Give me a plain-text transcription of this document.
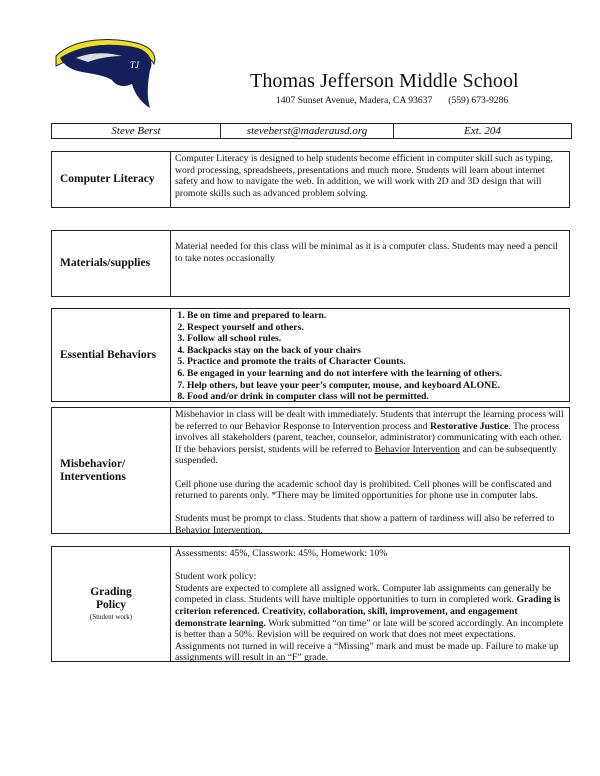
TJ
Thomas Jefferson Middle School
1407 Sunset Avenue, Madera, CA 93637 (559) 673-9286
Steve Berst	steveberst@maderausd.org	Ext. 204
Computer Literacy

Computer Literacy is designed to help students become efficient in computer skill such as typing, word processing, spreadsheets, presentations and much more. Students will learn about internet safety and how to navigate the web. In addition, we will work with 2D and 3D design that will promote skills such as advanced problem solving.

Materials/supplies

Material needed for this class will be minimal as it is a computer class. Students may need a pencil to take notes occasionally

Essential Behaviors
1. Be on time and prepared to learn.
2. Respect yourself and others.
3. Follow all school rules.
4. Backpacks stay on the back of your chairs
5. Practice and promote the traits of Character Counts.
6. Be engaged in your learning and do not interfere with the learning of others.
7. Help others, but leave your peer’s computer, mouse, and keyboard ALONE.
8. Food and/or drink in computer class will not be permitted.
Misbehavior/
Interventions

Misbehavior in class will be dealt with immediately. Students that interrupt the learning process will be referred to our Behavior Response to Intervention process and Restorative Justice. The process involves all stakeholders (parent, teacher, counselor, administrator) communicating with each other. If the behaviors persist, students will be referred to Behavior Intervention and can be subsequently suspended.

Cell phone use during the academic school day is prohibited. Cell phones will be confiscated and returned to parents only. *There may be limited opportunities for phone use in computer labs.

Students must be prompt to class. Students that show a pattern of tardiness will also be referred to Behavior Intervention.

Grading
Policy
(Student work)

Assessments: 45%, Classwork: 45%, Homework: 10%

Student work policy:

Students are expected to complete all assigned work. Computer lab assignments can generally be competed in class. Students will have multiple opportunities to turn in completed work. Grading is criterion referenced. Creativity, collaboration, skill, improvement, and engagement demonstrate learning. Work submitted “on time” or late will be scored accordingly. An incomplete is better than a 50%. Revision will be required on work that does not meet expectations. Assignments not turned in will receive a “Missing” mark and must be made up. Failure to make up assignments will result in an “F” grade.
